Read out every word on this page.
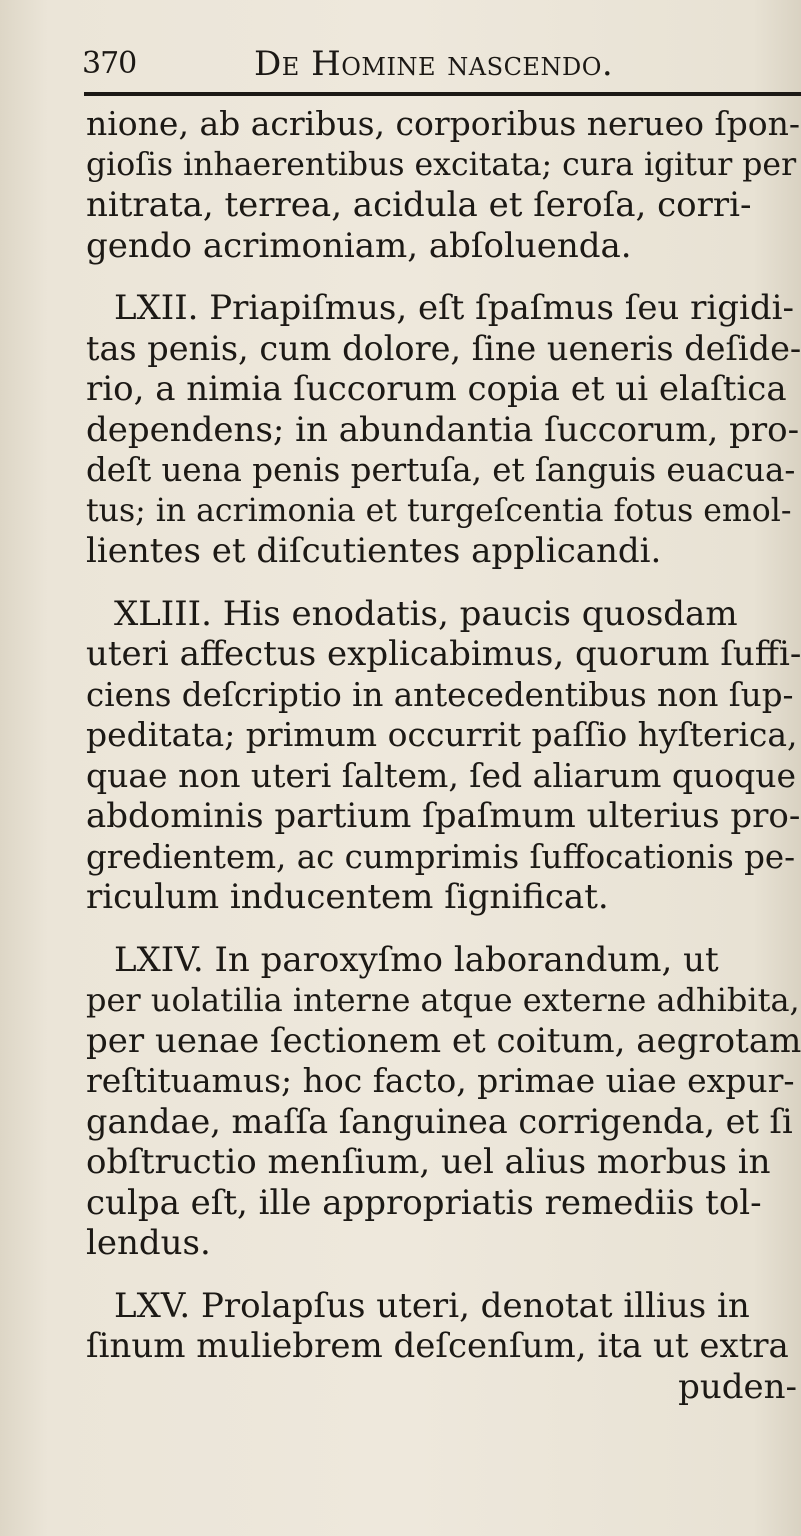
370	De Homine nascendo.
nione, ab acribus, corporibus nerueo ſpon-
gioſis inhaerentibus excitata; cura igitur per
nitrata, terrea, acidula et ſeroſa, corri-
gendo acrimoniam, abſoluenda.
LXII. Priapiſmus, eſt ſpaſmus ſeu rigidi-
tas penis, cum dolore, ſine ueneris deſide-
rio, a nimia ſuccorum copia et ui elaſtica
dependens; in abundantia ſuccorum, pro-
deſt uena penis pertuſa, et ſanguis euacua-
tus; in acrimonia et turgeſcentia fotus emol-
lientes et diſcutientes applicandi.
XLIII. His enodatis, paucis quosdam
uteri affectus explicabimus, quorum ſuffi-
ciens deſcriptio in antecedentibus non ſup-
peditata; primum occurrit paſſio hyſterica,
quae non uteri ſaltem, ſed aliarum quoque
abdominis partium ſpaſmum ulterius pro-
gredientem, ac cumprimis ſuffocationis pe-
riculum inducentem ſignificat.
LXIV. In paroxyſmo laborandum, ut
per uolatilia interne atque externe adhibita,
per uenae ſectionem et coitum, aegrotam
reſtituamus; hoc facto, primae uiae expur-
gandae, maſſa ſanguinea corrigenda, et ſi
obſtructio menſium, uel alius morbus in
culpa eſt, ille appropriatis remediis tol-
lendus.
LXV. Prolapſus uteri, denotat illius in
ſinum muliebrem deſcenſum, ita ut extra
puden-
